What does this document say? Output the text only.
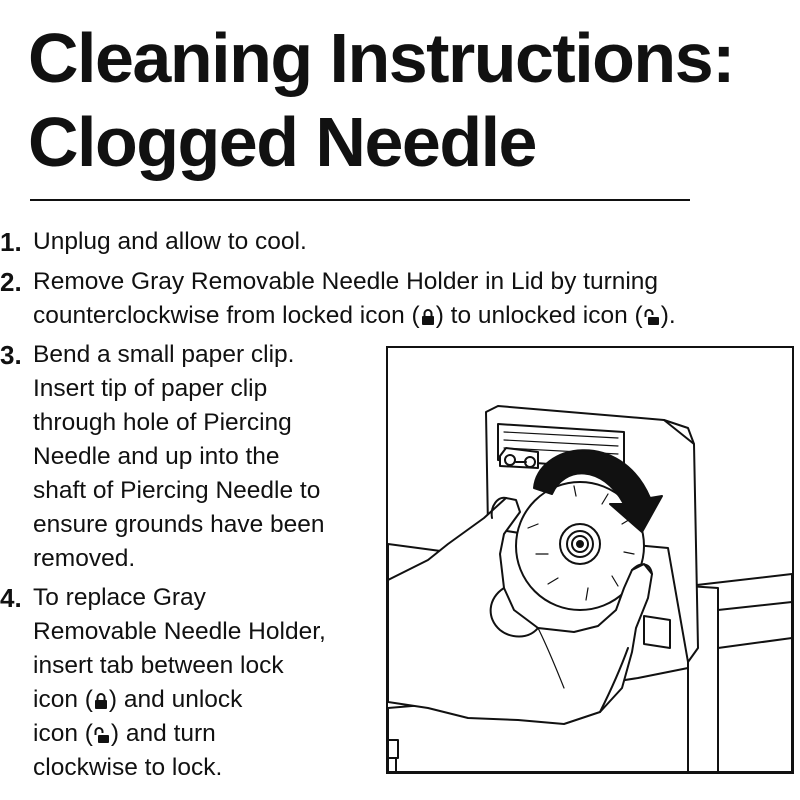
Cleaning Instructions:
Clogged Needle
1. Unplug and allow to cool.
2. Remove Gray Removable Needle Holder in Lid by turning
counterclockwise from locked icon ( ) to unlocked icon ( ).
3. Bend a small paper clip.
Insert tip of paper clip
through hole of Piercing
Needle and up into the
shaft of Piercing Needle to
ensure grounds have been
removed.
4. To replace Gray
Removable Needle Holder,
insert tab between lock
icon ( ) and unlock
icon ( ) and turn
clockwise to lock.
